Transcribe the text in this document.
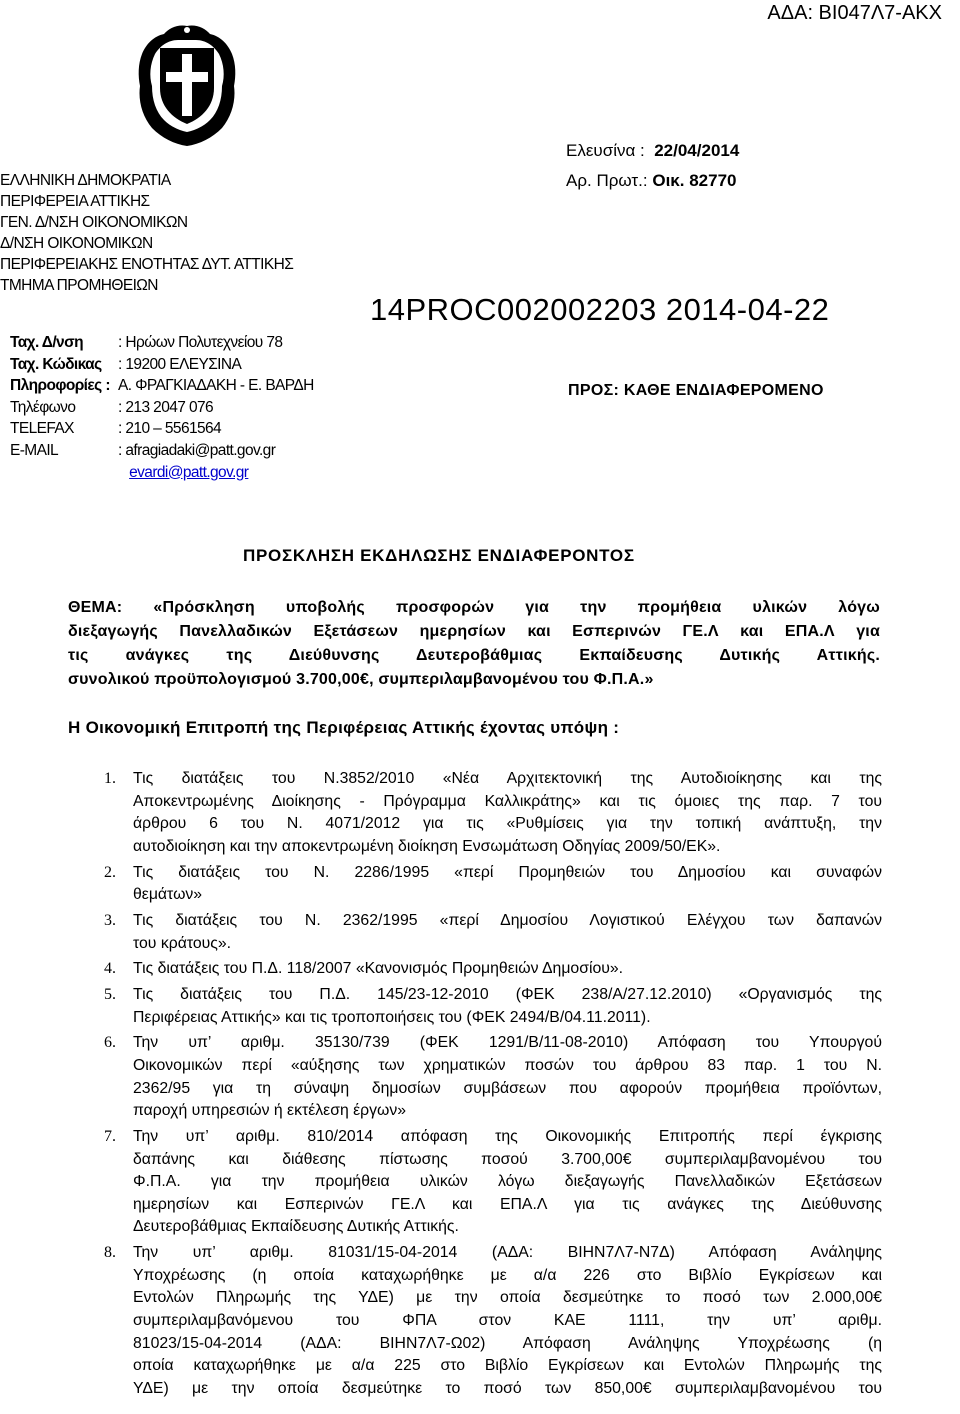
ΑΔΑ: ΒΙ047Λ7-ΑΚΧ
Ελευσίνα : 22/04/2014
Αρ. Πρωτ.: Οικ. 82770
ΕΛΛΗΝΙΚΗ ΔΗΜΟΚΡΑΤΙΑ
ΠΕΡΙΦΕΡΕΙΑ ΑΤΤΙΚΗΣ
ΓΕΝ. Δ/ΝΣΗ ΟΙΚΟΝΟΜΙΚΩΝ
Δ/ΝΣΗ ΟΙΚΟΝΟΜΙΚΩΝ
ΠΕΡΙΦΕΡΕΙΑΚΗΣ ΕΝΟΤΗΤΑΣ ΔΥΤ. ΑΤΤΙΚΗΣ
ΤΜΗΜΑ ΠΡΟΜΗΘΕΙΩΝ
14PROC002002203 2014-04-22
Ταχ. Δ/νση : Ηρώων Πολυτεχνείου 78
Ταχ. Κώδικας : 19200 ΕΛΕΥΣΙΝΑ
Πληροφορίες : Α. ΦΡΑΓΚΙΑΔΑΚΗ - Ε. ΒΑΡΔΗ
Τηλέφωνο	: 213 2047 076
TELEFAX	: 210 – 5561564
E-MAIL	: afragiadaki@patt.gov.gr
evardi@patt.gov.gr
ΠΡΟΣ: ΚΑΘΕ ΕΝΔΙΑΦΕΡΟΜΕΝΟ
ΠΡΟΣΚΛΗΣΗ ΕΚΔΗΛΩΣΗΣ ΕΝΔΙΑΦΕΡΟΝΤΟΣ
ΘΕΜΑ: «Πρόσκληση υποβολής προσφορών για την προμήθεια υλικών λόγω
διεξαγωγής Πανελλαδικών Εξετάσεων ημερησίων και Εσπερινών ΓΕ.Λ και ΕΠΑ.Λ για
τις ανάγκες της Διεύθυνσης Δευτεροβάθμιας Εκπαίδευσης Δυτικής Αττικής.
συνολικού προϋπολογισμού 3.700,00€, συμπεριλαμβανομένου του Φ.Π.Α.»
Η Οικονομική Επιτροπή της Περιφέρειας Αττικής έχοντας υπόψη :
1. Τις διατάξεις του Ν.3852/2010 «Νέα Αρχιτεκτονική της Αυτοδιοίκησης και της
Αποκεντρωμένης Διοίκησης - Πρόγραμμα Καλλικράτης» και τις όμοιες της παρ. 7 του
άρθρου 6 του Ν. 4071/2012 για τις «Ρυθμίσεις για την τοπική ανάπτυξη, την
αυτοδιοίκηση και την αποκεντρωμένη διοίκηση Ενσωμάτωση Οδηγίας 2009/50/ΕΚ».
2. Τις διατάξεις του Ν. 2286/1995 «περί Προμηθειών του Δημοσίου και συναφών
θεμάτων»
3. Τις διατάξεις του Ν. 2362/1995 «περί Δημοσίου Λογιστικού Ελέγχου των δαπανών
του κράτους».
4. Τις διατάξεις του Π.Δ. 118/2007 «Κανονισμός Προμηθειών Δημοσίου».
5. Τις διατάξεις του Π.Δ. 145/23-12-2010 (ΦΕΚ 238/Α/27.12.2010) «Οργανισμός της
Περιφέρειας Αττικής» και τις τροποποιήσεις του (ΦΕΚ 2494/Β/04.11.2011).
6. Την υπ’ αριθμ. 35130/739 (ΦΕΚ 1291/Β/11-08-2010) Απόφαση του Υπουργού
Οικονομικών περί «αύξησης των χρηματικών ποσών του άρθρου 83 παρ. 1 του Ν.
2362/95 για τη σύναψη δημοσίων συμβάσεων που αφορούν προμήθεια προϊόντων,
παροχή υπηρεσιών ή εκτέλεση έργων»
7. Την υπ’ αριθμ. 810/2014 απόφαση της Οικονομικής Επιτροπής περί έγκρισης
δαπάνης και διάθεσης πίστωσης ποσού 3.700,00€ συμπεριλαμβανομένου του
Φ.Π.Α. για την προμήθεια υλικών λόγω διεξαγωγής Πανελλαδικών Εξετάσεων
ημερησίων και Εσπερινών ΓΕ.Λ και ΕΠΑ.Λ για τις ανάγκες της Διεύθυνσης
Δευτεροβάθμιας Εκπαίδευσης Δυτικής Αττικής.
8. Την υπ’ αριθμ. 81031/15-04-2014 (ΑΔΑ: ΒΙΗΝ7Λ7-Ν7Δ) Απόφαση Ανάληψης
Υποχρέωσης (η οποία καταχωρήθηκε με α/α 226 στο Βιβλίο Εγκρίσεων και
Εντολών Πληρωμής της ΥΔΕ) με την οποία δεσμεύτηκε το ποσό των 2.000,00€
συμπεριλαμβανόμενου του ΦΠΑ στον ΚΑΕ 1111, την υπ’ αριθμ.
81023/15-04-2014 (ΑΔΑ: ΒΙΗΝ7Λ7-Ω02) Απόφαση Ανάληψης Υποχρέωσης (η
οποία καταχωρήθηκε με α/α 225 στο Βιβλίο Εγκρίσεων και Εντολών Πληρωμής της
ΥΔΕ) με την οποία δεσμεύτηκε το ποσό των 850,00€ συμπεριλαμβανομένου του
